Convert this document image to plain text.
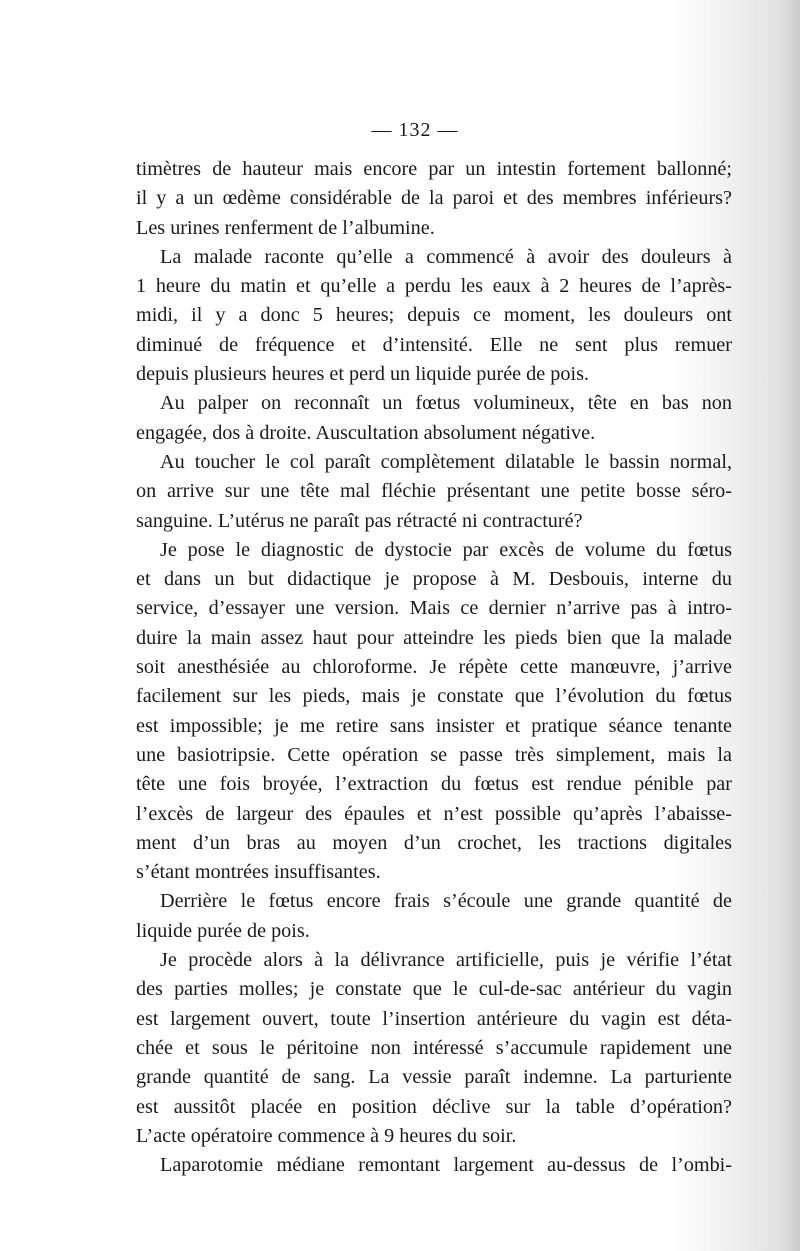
— 132 —
timètres de hauteur mais encore par un intestin fortement ballonné;
il y a un œdème considérable de la paroi et des membres inférieurs?
Les urines renferment de l’albumine.
La malade raconte qu’elle a commencé à avoir des douleurs à
1 heure du matin et qu’elle a perdu les eaux à 2 heures de l’après-
midi, il y a donc 5 heures; depuis ce moment, les douleurs ont
diminué de fréquence et d’intensité. Elle ne sent plus remuer
depuis plusieurs heures et perd un liquide purée de pois.
Au palper on reconnaît un fœtus volumineux, tête en bas non
engagée, dos à droite. Auscultation absolument négative.
Au toucher le col paraît complètement dilatable le bassin normal,
on arrive sur une tête mal fléchie présentant une petite bosse séro-
sanguine. L’utérus ne paraît pas rétracté ni contracturé?
Je pose le diagnostic de dystocie par excès de volume du fœtus
et dans un but didactique je propose à M. Desbouis, interne du
service, d’essayer une version. Mais ce dernier n’arrive pas à intro-
duire la main assez haut pour atteindre les pieds bien que la malade
soit anesthésiée au chloroforme. Je répète cette manœuvre, j’arrive
facilement sur les pieds, mais je constate que l’évolution du fœtus
est impossible; je me retire sans insister et pratique séance tenante
une basiotripsie. Cette opération se passe très simplement, mais la
tête une fois broyée, l’extraction du fœtus est rendue pénible par
l’excès de largeur des épaules et n’est possible qu’après l’abaisse-
ment d’un bras au moyen d’un crochet, les tractions digitales
s’étant montrées insuffisantes.
Derrière le fœtus encore frais s’écoule une grande quantité de
liquide purée de pois.
Je procède alors à la délivrance artificielle, puis je vérifie l’état
des parties molles; je constate que le cul-de-sac antérieur du vagin
est largement ouvert, toute l’insertion antérieure du vagin est déta-
chée et sous le péritoine non intéressé s’accumule rapidement une
grande quantité de sang. La vessie paraît indemne. La parturiente
est aussitôt placée en position déclive sur la table d’opération?
L’acte opératoire commence à 9 heures du soir.
Laparotomie médiane remontant largement au-dessus de l’ombi-
